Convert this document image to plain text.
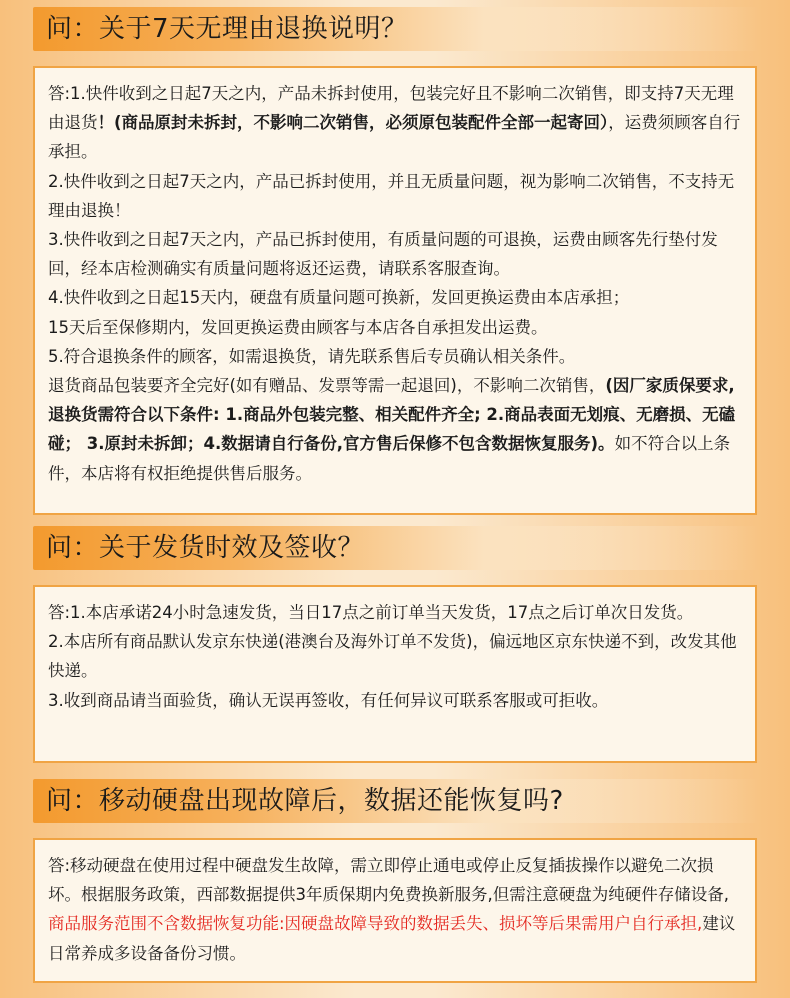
问：关于7天无理由退换说明？

答:1.快件收到之日起7天之内，产品未拆封使用，包装完好且不影响二次销售，即支持7天无理由退货！(商品原封未拆封，不影响二次销售，必须原包装配件全部一起寄回），运费须顾客自行承担。

2.快件收到之日起7天之内，产品已拆封使用，并且无质量问题，视为影响二次销售，不支持无理由退换！

3.快件收到之日起7天之内，产品已拆封使用，有质量问题的可退换，运费由顾客先行垫付发回，经本店检测确实有质量问题将返还运费，请联系客服查询。

4.快件收到之日起15天内，硬盘有质量问题可换新，发回更换运费由本店承担；

15天后至保修期内，发回更换运费由顾客与本店各自承担发出运费。

5.符合退换条件的顾客，如需退换货，请先联系售后专员确认相关条件。

退货商品包装要齐全完好(如有赠品、发票等需一起退回)，不影响二次销售，(因厂家质保要求,退换货需符合以下条件: 1.商品外包装完整、相关配件齐全; 2.商品表面无划痕、无磨损、无磕碰； 3.原封未拆卸；4.数据请自行备份,官方售后保修不包含数据恢复服务)。如不符合以上条件，本店将有权拒绝提供售后服务。

问：关于发货时效及签收？

答:1.本店承诺24小时急速发货，当日17点之前订单当天发货，17点之后订单次日发货。

2.本店所有商品默认发京东快递(港澳台及海外订单不发货)，偏远地区京东快递不到，改发其他快递。

3.收到商品请当面验货，确认无误再签收，有任何异议可联系客服或可拒收。

问：移动硬盘出现故障后，数据还能恢复吗?

答:移动硬盘在使用过程中硬盘发生故障，需立即停止通电或停止反复插拔操作以避免二次损坏。根据服务政策，西部数据提供3年质保期内免费换新服务,但需注意硬盘为纯硬件存储设备,商品服务范围不含数据恢复功能:因硬盘故障导致的数据丢失、损坏等后果需用户自行承担,建议日常养成多设备备份习惯。
